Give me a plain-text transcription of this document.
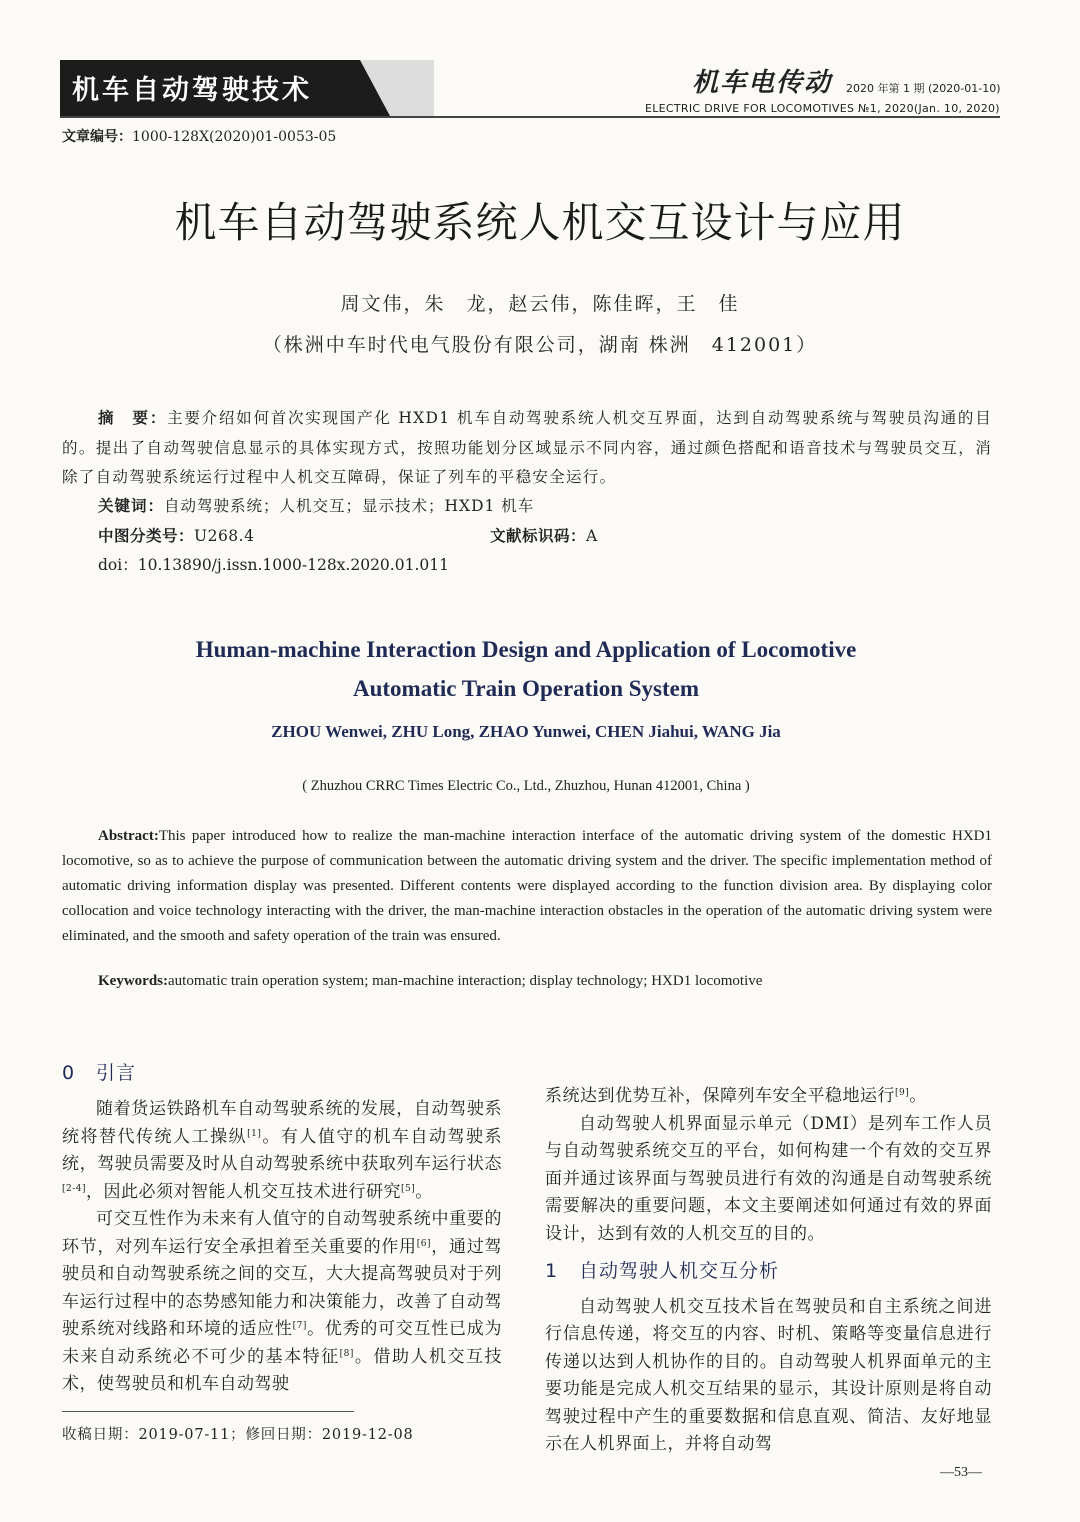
机车自动驾驶技术	机车电传动 2020 年第 1 期 (2020-01-10)
ELECTRIC DRIVE FOR LOCOMOTIVES №1, 2020(Jan. 10, 2020)
文章编号：1000-128X(2020)01-0053-05
机车自动驾驶系统人机交互设计与应用
周文伟，朱　龙，赵云伟，陈佳晖，王　佳
（株洲中车时代电气股份有限公司，湖南 株洲　412001）
摘　要：主要介绍如何首次实现国产化 HXD1 机车自动驾驶系统人机交互界面，达到自动驾驶系统与驾驶员沟通的目的。提出了自动驾驶信息显示的具体实现方式，按照功能划分区域显示不同内容，通过颜色搭配和语音技术与驾驶员交互，消除了自动驾驶系统运行过程中人机交互障碍，保证了列车的平稳安全运行。
关键词：自动驾驶系统；人机交互；显示技术；HXD1 机车
中图分类号：U268.4	文献标识码：A
doi：10.13890/j.issn.1000-128x.2020.01.011
Human-machine Interaction Design and Application of Locomotive
Automatic Train Operation System
ZHOU Wenwei, ZHU Long, ZHAO Yunwei, CHEN Jiahui, WANG Jia
( Zhuzhou CRRC Times Electric Co., Ltd., Zhuzhou, Hunan 412001, China )
Abstract:This paper introduced how to realize the man-machine interaction interface of the automatic driving system of the domestic HXD1 locomotive, so as to achieve the purpose of communication between the automatic driving system and the driver. The specific implementation method of automatic driving information display was presented. Different contents were displayed according to the function division area. By displaying color collocation and voice technology interacting with the driver, the man-machine interaction obstacles in the operation of the automatic driving system were eliminated, and the smooth and safety operation of the train was ensured.
Keywords:automatic train operation system; man-machine interaction; display technology; HXD1 locomotive
0 引言

随着货运铁路机车自动驾驶系统的发展，自动驾驶系统将替代传统人工操纵[1]。有人值守的机车自动驾驶系统，驾驶员需要及时从自动驾驶系统中获取列车运行状态[2-4]，因此必须对智能人机交互技术进行研究[5]。

可交互性作为未来有人值守的自动驾驶系统中重要的环节，对列车运行安全承担着至关重要的作用[6]，通过驾驶员和自动驾驶系统之间的交互，大大提高驾驶员对于列车运行过程中的态势感知能力和决策能力，改善了自动驾驶系统对线路和环境的适应性[7]。优秀的可交互性已成为未来自动系统必不可少的基本特征[8]。借助人机交互技术，使驾驶员和机车自动驾驶

系统达到优势互补，保障列车安全平稳地运行[9]。

自动驾驶人机界面显示单元（DMI）是列车工作人员与自动驾驶系统交互的平台，如何构建一个有效的交互界面并通过该界面与驾驶员进行有效的沟通是自动驾驶系统需要解决的重要问题，本文主要阐述如何通过有效的界面设计，达到有效的人机交互的目的。

1 自动驾驶人机交互分析

自动驾驶人机交互技术旨在驾驶员和自主系统之间进行信息传递，将交互的内容、时机、策略等变量信息进行传递以达到人机协作的目的。自动驾驶人机界面单元的主要功能是完成人机交互结果的显示，其设计原则是将自动驾驶过程中产生的重要数据和信息直观、简洁、友好地显示在人机界面上，并将自动驾

收稿日期：2019-07-11；修回日期：2019-12-08
—53—
